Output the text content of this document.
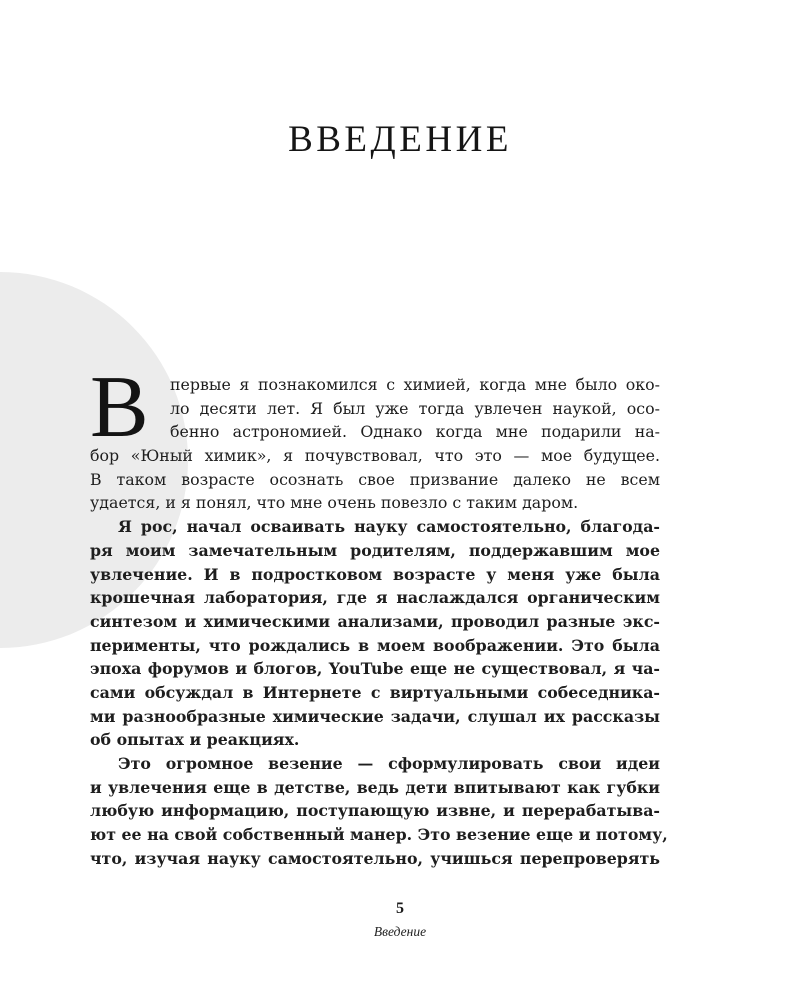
ВВЕДЕНИЕ
В первые я познакомился с химией, когда мне было око-
ло десяти лет. Я был уже тогда увлечен наукой, осо-
бенно астрономией. Однако когда мне подарили на-
бор «Юный химик», я почувствовал, что это — мое будущее.
В таком возрасте осознать свое призвание далеко не всем
удается, и я понял, что мне очень повезло с таким даром.
Я рос, начал осваивать науку самостоятельно, благода-
ря моим замечательным родителям, поддержавшим мое
увлечение. И в подростковом возрасте у меня уже была
крошечная лаборатория, где я наслаждался органическим
синтезом и химическими анализами, проводил разные экс-
перименты, что рождались в моем воображении. Это была
эпоха форумов и блогов, YouTube еще не существовал, я ча-
сами обсуждал в Интернете с виртуальными собеседника-
ми разнообразные химические задачи, слушал их рассказы
об опытах и реакциях.
Это огромное везение — сформулировать свои идеи
и увлечения еще в детстве, ведь дети впитывают как губки
любую информацию, поступающую извне, и перерабатыва-
ют ее на свой собственный манер. Это везение еще и потому,
что, изучая науку самостоятельно, учишься перепроверять
5
Введение
